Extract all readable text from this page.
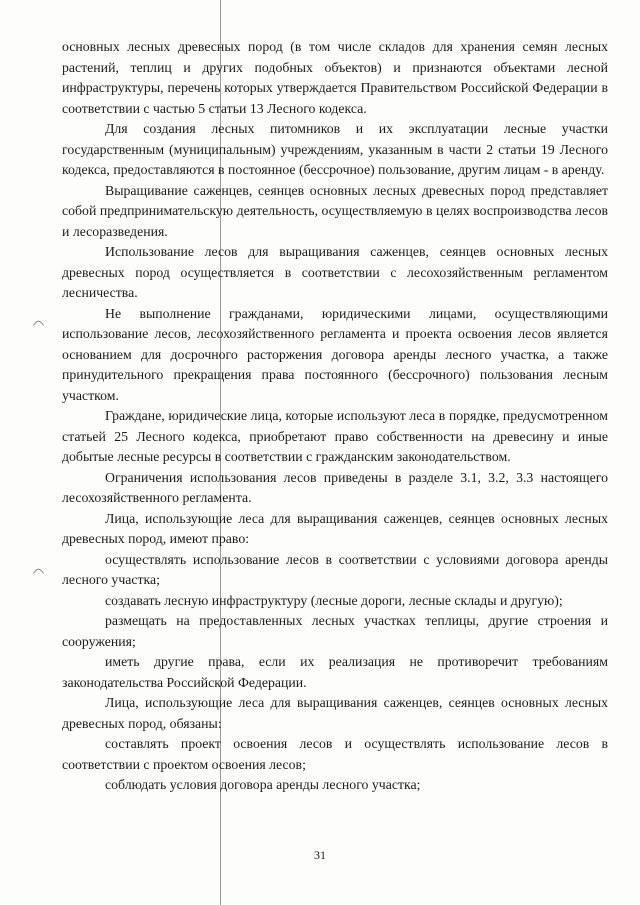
основных лесных древесных пород (в том числе складов для хранения семян лесных растений, теплиц и других подобных объектов) и признаются объектами лесной инфраструктуры, перечень которых утверждается Правительством Российской Федерации в соответствии с частью 5 статьи 13 Лесного кодекса.

Для создания лесных питомников и их эксплуатации лесные участки государственным (муниципальным) учреждениям, указанным в части 2 статьи 19 Лесного кодекса, предоставляются в постоянное (бессрочное) пользование, другим лицам - в аренду.

Выращивание саженцев, сеянцев основных лесных древесных пород представляет собой предпринимательскую деятельность, осуществляемую в целях воспроизводства лесов и лесоразведения.

Использование лесов для выращивания саженцев, сеянцев основных лесных древесных пород осуществляется в соответствии с лесохозяйственным регламентом лесничества.

Не выполнение гражданами, юридическими лицами, осуществляющими использование лесов, лесохозяйственного регламента и проекта освоения лесов является основанием для досрочного расторжения договора аренды лесного участка, а также принудительного прекращения права постоянного (бессрочного) пользования лесным участком.

Граждане, юридические лица, которые используют леса в порядке, предусмотренном статьей 25 Лесного кодекса, приобретают право собственности на древесину и иные добытые лесные ресурсы в соответствии с гражданским законодательством.

Ограничения использования лесов приведены в разделе 3.1, 3.2, 3.3 настоящего лесохозяйственного регламента.

Лица, использующие леса для выращивания саженцев, сеянцев основных лесных древесных пород, имеют право:

осуществлять использование лесов в соответствии с условиями договора аренды лесного участка;

создавать лесную инфраструктуру (лесные дороги, лесные склады и другую);

размещать на предоставленных лесных участках теплицы, другие строения и сооружения;

иметь другие права, если их реализация не противоречит требованиям законодательства Российской Федерации.

Лица, использующие леса для выращивания саженцев, сеянцев основных лесных древесных пород, обязаны:

составлять проект освоения лесов и осуществлять использование лесов в соответствии с проектом освоения лесов;

соблюдать условия договора аренды лесного участка;

31
